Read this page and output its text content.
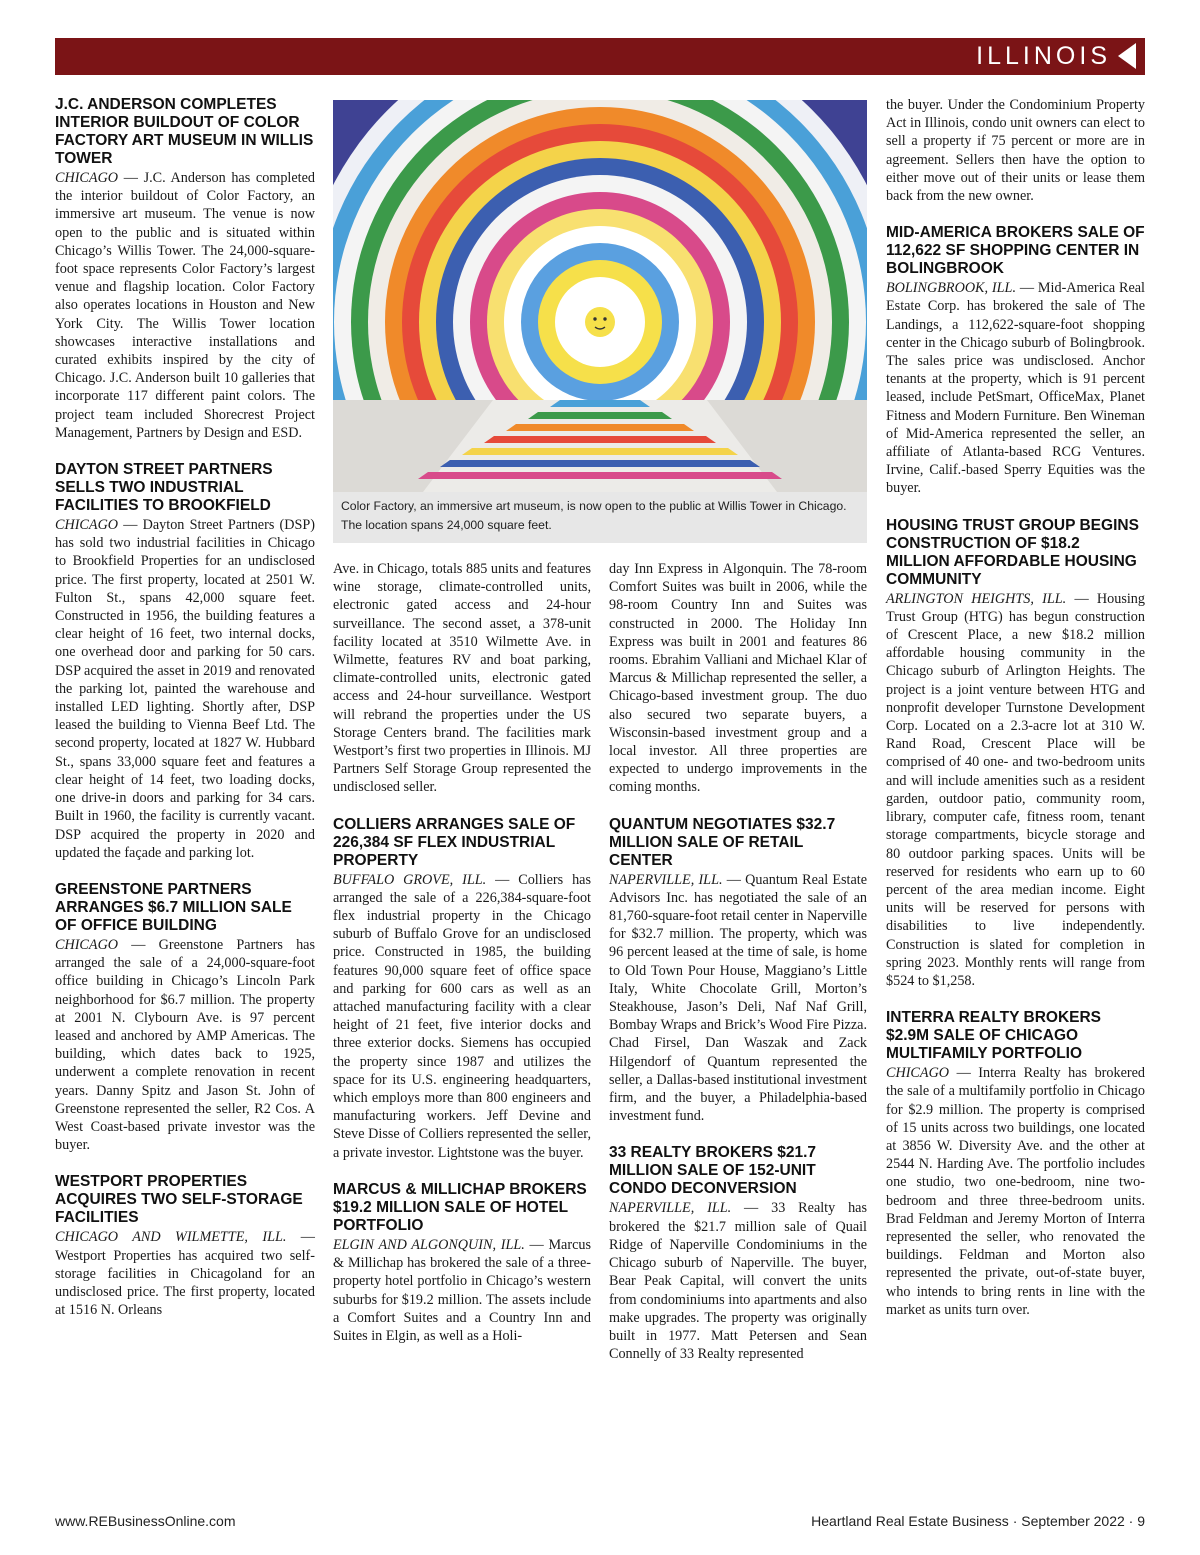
ILLINOIS
J.C. ANDERSON COMPLETES INTERIOR BUILDOUT OF COLOR FACTORY ART MUSEUM IN WILLIS TOWER

CHICAGO — J.C. Anderson has completed the interior buildout of Color Factory, an immersive art museum. The venue is now open to the public and is situated within Chicago’s Willis Tower. The 24,000-square-foot space represents Color Factory’s largest venue and flagship location. Color Factory also operates locations in Houston and New York City. The Willis Tower location showcases interactive installations and curated exhibits inspired by the city of Chicago. J.C. Anderson built 10 galleries that incorporate 117 different paint colors. The project team included Shorecrest Project Management, Partners by Design and ESD.

DAYTON STREET PARTNERS SELLS TWO INDUSTRIAL FACILITIES TO BROOKFIELD

CHICAGO — Dayton Street Partners (DSP) has sold two industrial facilities in Chicago to Brookfield Properties for an undisclosed price. The first property, located at 2501 W. Fulton St., spans 42,000 square feet. Constructed in 1956, the building features a clear height of 16 feet, two internal docks, one overhead door and parking for 50 cars. DSP acquired the asset in 2019 and renovated the parking lot, painted the warehouse and installed LED lighting. Shortly after, DSP leased the building to Vienna Beef Ltd. The second property, located at 1827 W. Hubbard St., spans 33,000 square feet and features a clear height of 14 feet, two loading docks, one drive-in doors and parking for 34 cars. Built in 1960, the facility is currently vacant. DSP acquired the property in 2020 and updated the façade and parking lot.

GREENSTONE PARTNERS ARRANGES $6.7 MILLION SALE OF OFFICE BUILDING

CHICAGO — Greenstone Partners has arranged the sale of a 24,000-square-foot office building in Chicago’s Lincoln Park neighborhood for $6.7 million. The property at 2001 N. Clybourn Ave. is 97 percent leased and anchored by AMP Americas. The building, which dates back to 1925, underwent a complete renovation in recent years. Danny Spitz and Jason St. John of Greenstone represented the seller, R2 Cos. A West Coast-based private investor was the buyer.

WESTPORT PROPERTIES ACQUIRES TWO SELF-STORAGE FACILITIES

CHICAGO AND WILMETTE, ILL. — Westport Properties has acquired two self-storage facilities in Chicagoland for an undisclosed price. The first property, located at 1516 N. Orleans

Ave. in Chicago, totals 885 units and features wine storage, climate-controlled units, electronic gated access and 24-hour surveillance. The second asset, a 378-unit facility located at 3510 Wilmette Ave. in Wilmette, features RV and boat parking, climate-controlled units, electronic gated access and 24-hour surveillance. Westport will rebrand the properties under the US Storage Centers brand. The facilities mark Westport’s first two properties in Illinois. MJ Partners Self Storage Group represented the undisclosed seller.

COLLIERS ARRANGES SALE OF 226,384 SF FLEX INDUSTRIAL PROPERTY

BUFFALO GROVE, ILL. — Colliers has arranged the sale of a 226,384-square-foot flex industrial property in the Chicago suburb of Buffalo Grove for an undisclosed price. Constructed in 1985, the building features 90,000 square feet of office space and parking for 600 cars as well as an attached manufacturing facility with a clear height of 21 feet, five interior docks and three exterior docks. Siemens has occupied the property since 1987 and utilizes the space for its U.S. engineering headquarters, which employs more than 800 engineers and manufacturing workers. Jeff Devine and Steve Disse of Colliers represented the seller, a private investor. Lightstone was the buyer.

MARCUS & MILLICHAP BROKERS $19.2 MILLION SALE OF HOTEL PORTFOLIO

ELGIN AND ALGONQUIN, ILL. — Marcus & Millichap has brokered the sale of a three-property hotel portfolio in Chicago’s western suburbs for $19.2 million. The assets include a Comfort Suites and a Country Inn and Suites in Elgin, as well as a Holi-

day Inn Express in Algonquin. The 78-room Comfort Suites was built in 2006, while the 98-room Country Inn and Suites was constructed in 2000. The Holiday Inn Express was built in 2001 and features 86 rooms. Ebrahim Valliani and Michael Klar of Marcus & Millichap represented the seller, a Chicago-based investment group. The duo also secured two separate buyers, a Wisconsin-based investment group and a local investor. All three properties are expected to undergo improvements in the coming months.

QUANTUM NEGOTIATES $32.7 MILLION SALE OF RETAIL CENTER

NAPERVILLE, ILL. — Quantum Real Estate Advisors Inc. has negotiated the sale of an 81,760-square-foot retail center in Naperville for $32.7 million. The property, which was 96 percent leased at the time of sale, is home to Old Town Pour House, Maggiano’s Little Italy, White Chocolate Grill, Morton’s Steakhouse, Jason’s Deli, Naf Naf Grill, Bombay Wraps and Brick’s Wood Fire Pizza. Chad Firsel, Dan Waszak and Zack Hilgendorf of Quantum represented the seller, a Dallas-based institutional investment firm, and the buyer, a Philadelphia-based investment fund.

33 REALTY BROKERS $21.7 MILLION SALE OF 152-UNIT CONDO DECONVERSION

NAPERVILLE, ILL. — 33 Realty has brokered the $21.7 million sale of Quail Ridge of Naperville Condominiums in the Chicago suburb of Naperville. The buyer, Bear Peak Capital, will convert the units from condominiums into apartments and also make upgrades. The property was originally built in 1977. Matt Petersen and Sean Connelly of 33 Realty represented

the buyer. Under the Condominium Property Act in Illinois, condo unit owners can elect to sell a property if 75 percent or more are in agreement. Sellers then have the option to either move out of their units or lease them back from the new owner.

MID-AMERICA BROKERS SALE OF 112,622 SF SHOPPING CENTER IN BOLINGBROOK

BOLINGBROOK, ILL. — Mid-America Real Estate Corp. has brokered the sale of The Landings, a 112,622-square-foot shopping center in the Chicago suburb of Bolingbrook. The sales price was undisclosed. Anchor tenants at the property, which is 91 percent leased, include PetSmart, OfficeMax, Planet Fitness and Modern Furniture. Ben Wineman of Mid-America represented the seller, an affiliate of Atlanta-based RCG Ventures. Irvine, Calif.-based Sperry Equities was the buyer.

HOUSING TRUST GROUP BEGINS CONSTRUCTION OF $18.2 MILLION AFFORDABLE HOUSING COMMUNITY

ARLINGTON HEIGHTS, ILL. — Housing Trust Group (HTG) has begun construction of Crescent Place, a new $18.2 million affordable housing community in the Chicago suburb of Arlington Heights. The project is a joint venture between HTG and nonprofit developer Turnstone Development Corp. Located on a 2.3-acre lot at 310 W. Rand Road, Crescent Place will be comprised of 40 one- and two-bedroom units and will include amenities such as a resident garden, outdoor patio, community room, library, computer cafe, fitness room, tenant storage compartments, bicycle storage and 80 outdoor parking spaces. Units will be reserved for residents who earn up to 60 percent of the area median income. Eight units will be reserved for persons with disabilities to live independently. Construction is slated for completion in spring 2023. Monthly rents will range from $524 to $1,258.

INTERRA REALTY BROKERS $2.9M SALE OF CHICAGO MULTIFAMILY PORTFOLIO

CHICAGO — Interra Realty has brokered the sale of a multifamily portfolio in Chicago for $2.9 million. The property is comprised of 15 units across two buildings, one located at 3856 W. Diversity Ave. and the other at 2544 N. Harding Ave. The portfolio includes one studio, two one-bedroom, nine two-bedroom and three three-bedroom units. Brad Feldman and Jeremy Morton of Interra represented the seller, who renovated the buildings. Feldman and Morton also represented the private, out-of-state buyer, who intends to bring rents in line with the market as units turn over.

Color Factory, an immersive art museum, is now open to the public at Willis Tower in Chicago. The location spans 24,000 square feet.
www.REBusinessOnline.com	Heartland Real Estate Business · September 2022 · 9
